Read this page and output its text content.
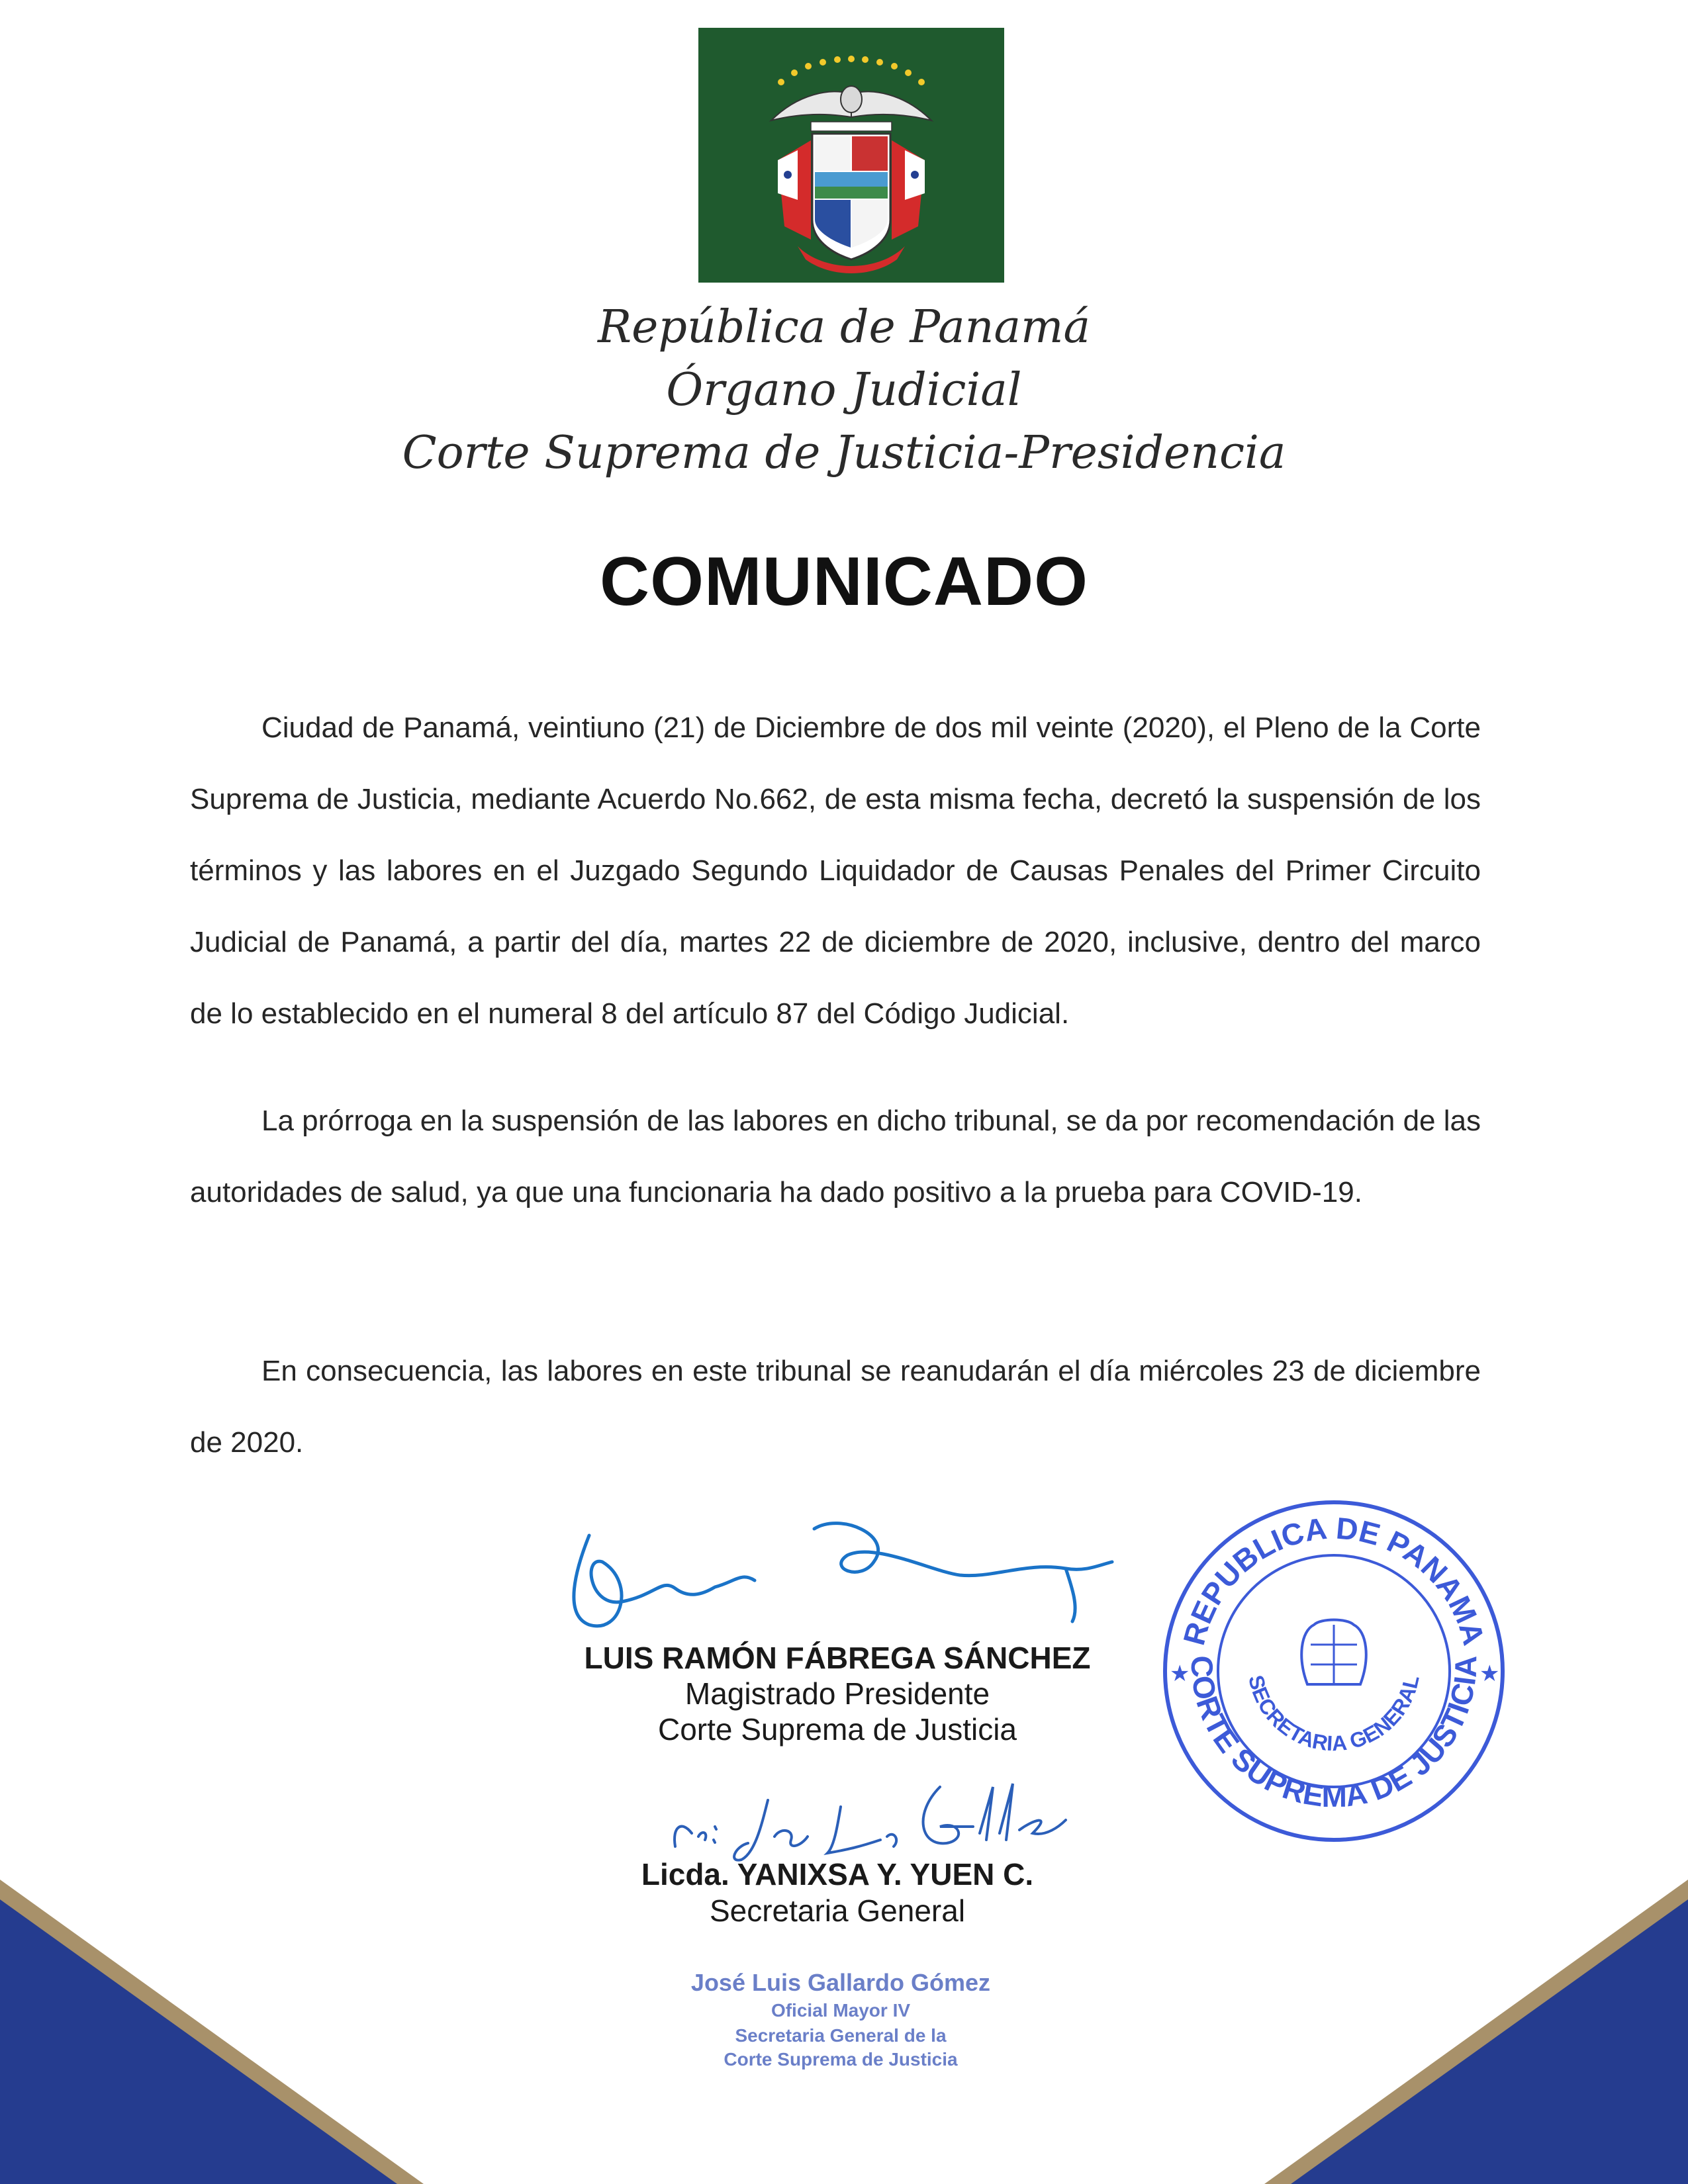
República de Panamá
Órgano Judicial
Corte Suprema de Justicia-Presidencia
COMUNICADO

Ciudad de Panamá, veintiuno (21) de Diciembre de dos mil veinte (2020), el Pleno de la Corte Suprema de Justicia, mediante Acuerdo No.662, de esta misma fecha, decretó la suspensión de los términos y las labores en el Juzgado Segundo Liquidador de Causas Penales del Primer Circuito Judicial de Panamá, a partir del día, martes 22 de diciembre de 2020, inclusive, dentro del marco de lo establecido en el numeral 8 del artículo 87 del Código Judicial.

La prórroga en la suspensión de las labores en dicho tribunal, se da por recomendación de las autoridades de salud, ya que una funcionaria ha dado positivo a la prueba para COVID-19.

En consecuencia, las labores en este tribunal se reanudarán el día miércoles 23 de diciembre de 2020.

LUIS RAMÓN FÁBREGA SÁNCHEZ
Magistrado Presidente
Corte Suprema de Justicia
REPUBLICA DE PANAMA
CORTE SUPREMA DE JUSTICIA
SECRETARIA GENERAL
★	★
Licda. YANIXSA Y. YUEN C.
Secretaria General
José Luis Gallardo Gómez
Oficial Mayor IV
Secretaria General de la
Corte Suprema de Justicia
